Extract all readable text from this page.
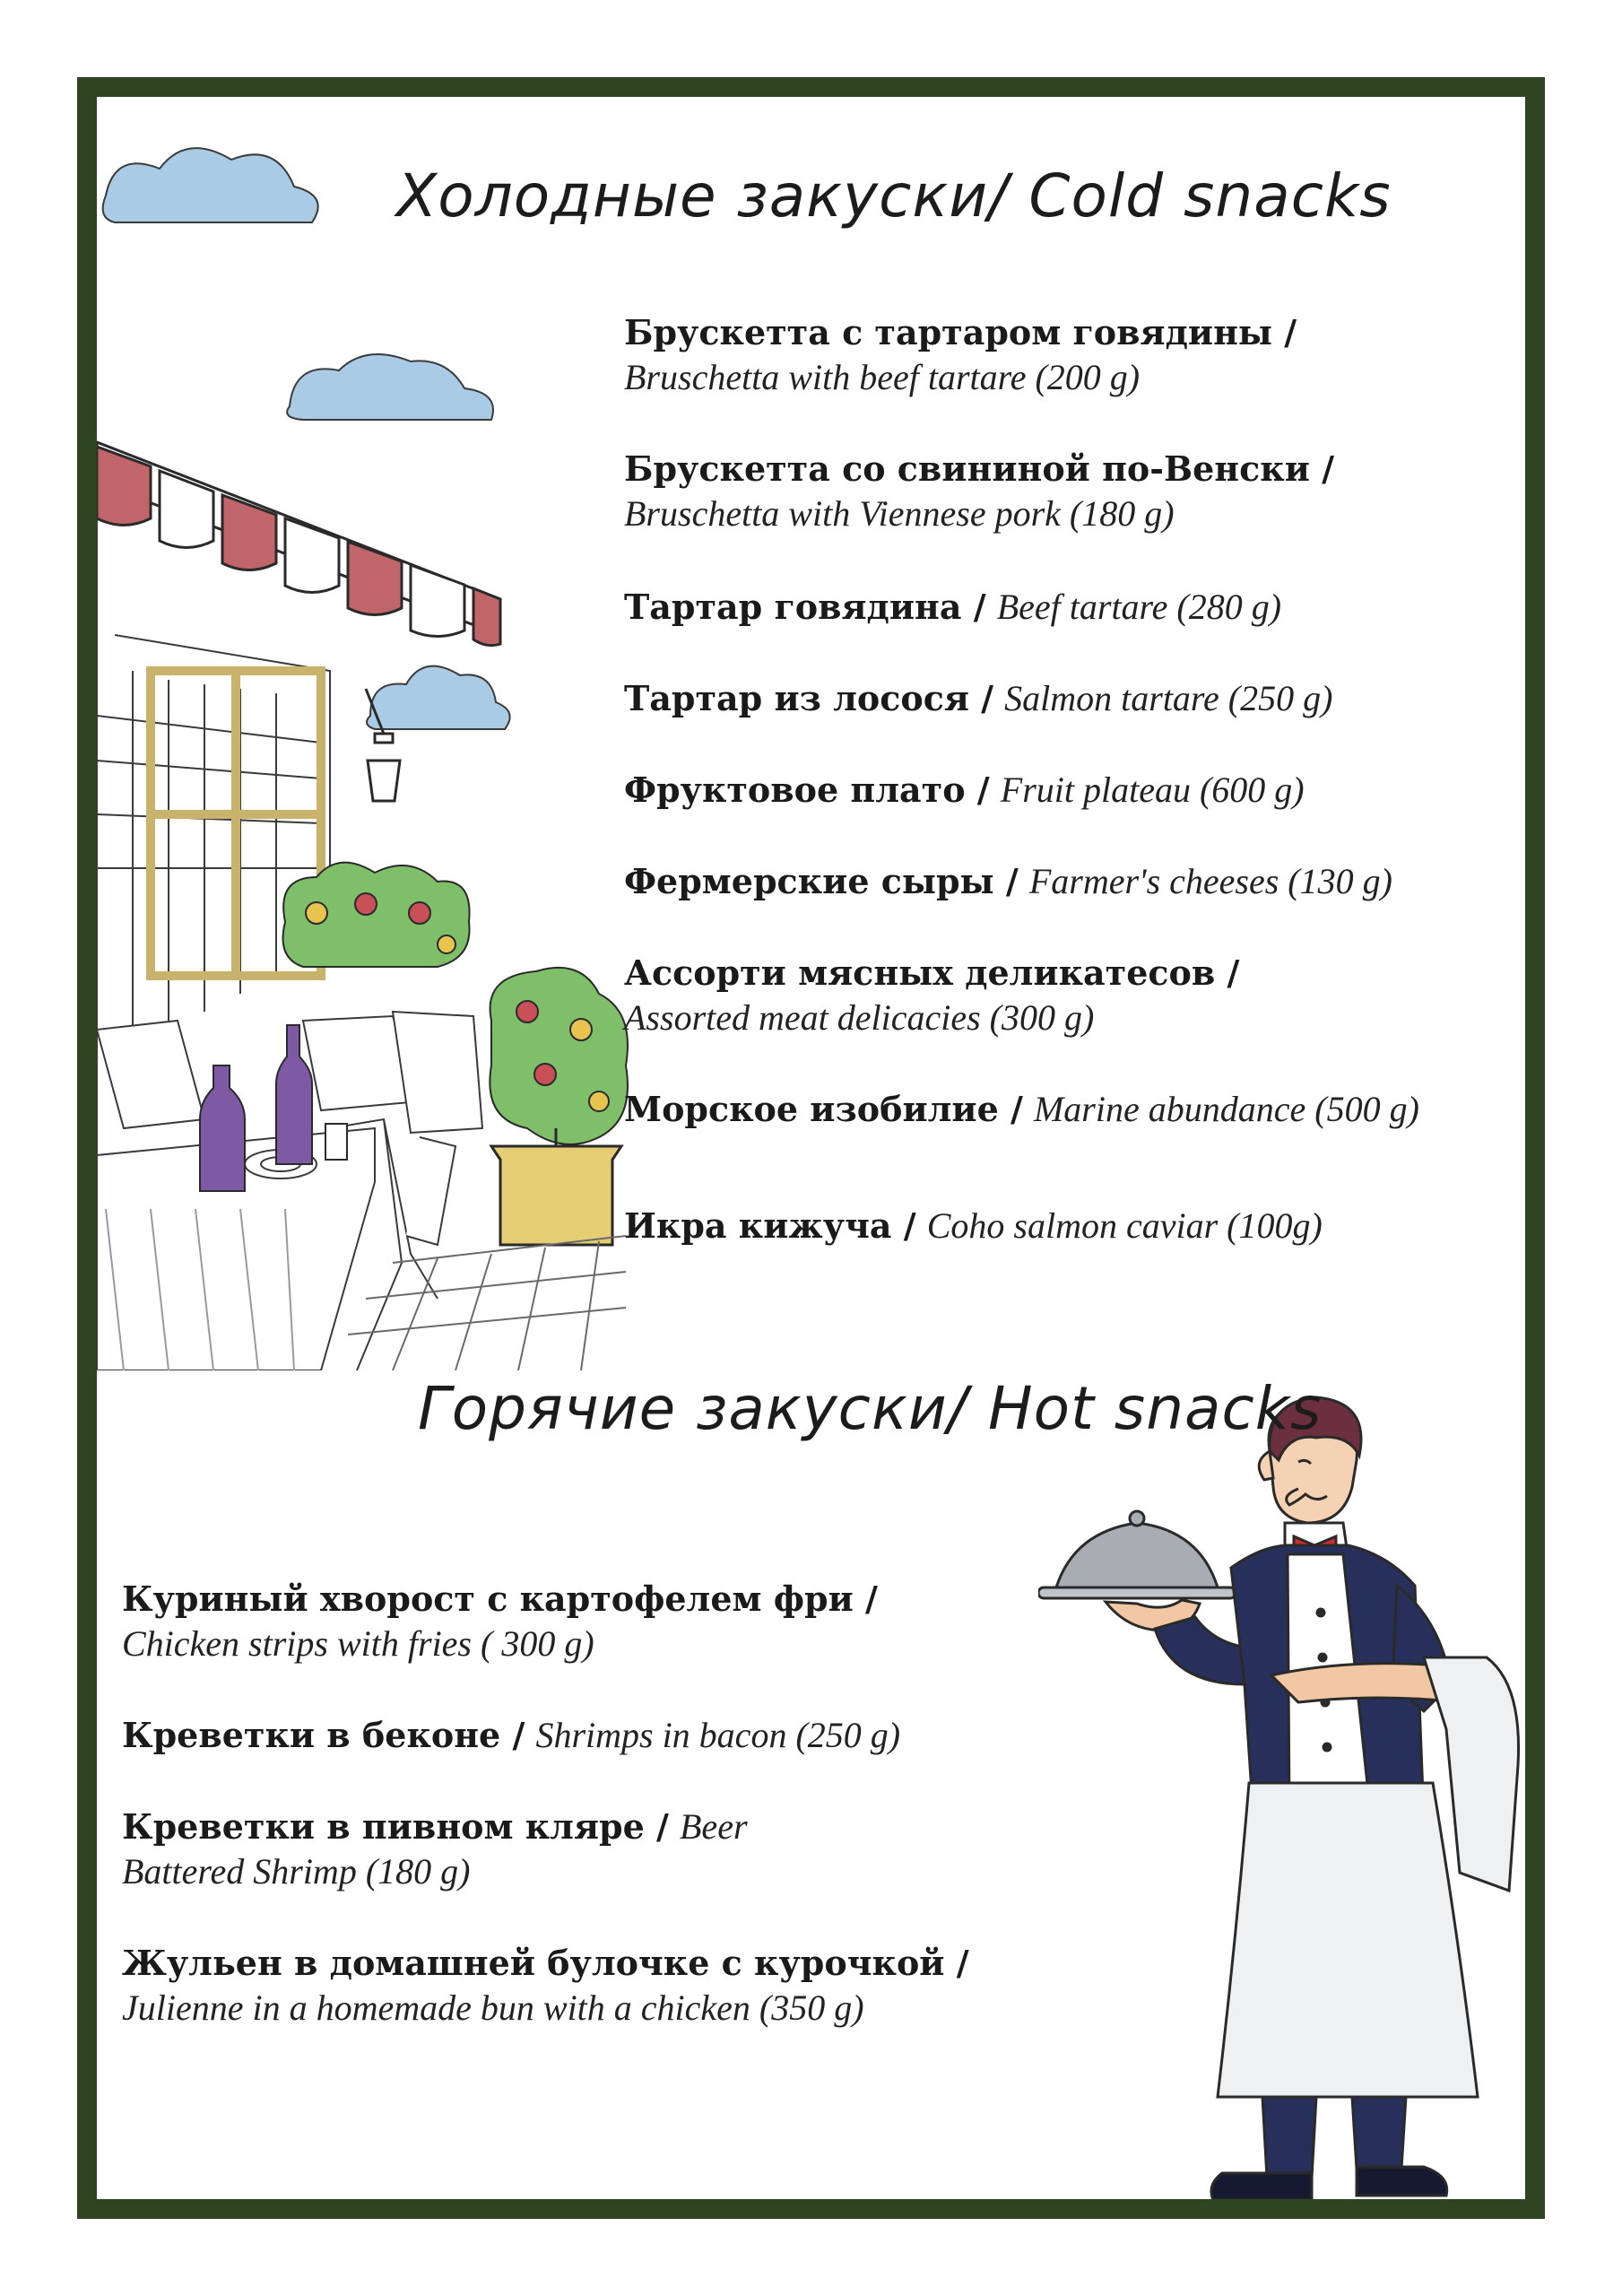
Холодные закуски/ Cold snacks
Брускетта с тартаром говядины /
Bruschetta with beef tartare (200 g)
Брускетта со свининой по-Венски /
Bruschetta with Viennese pork (180 g)
Тартар говядина / Beef tartare (280 g)
Тартар из лосося / Salmon tartare (250 g)
Фруктовое плато / Fruit plateau (600 g)
Фермерские сыры / Farmer's cheeses (130 g)
Ассорти мясных деликатесов /
Assorted meat delicacies (300 g)
Морское изобилие / Marine abundance (500 g)
Икра кижуча / Coho salmon caviar (100g)
Горячие закуски/ Hot snacks
Куриный хворост с картофелем фри /
Chicken strips with fries ( 300 g)
Креветки в беконе / Shrimps in bacon (250 g)
Креветки в пивном кляре / Beer
Battered Shrimp (180 g)
Жульен в домашней булочке с курочкой /
Julienne in a homemade bun with a chicken (350 g)
